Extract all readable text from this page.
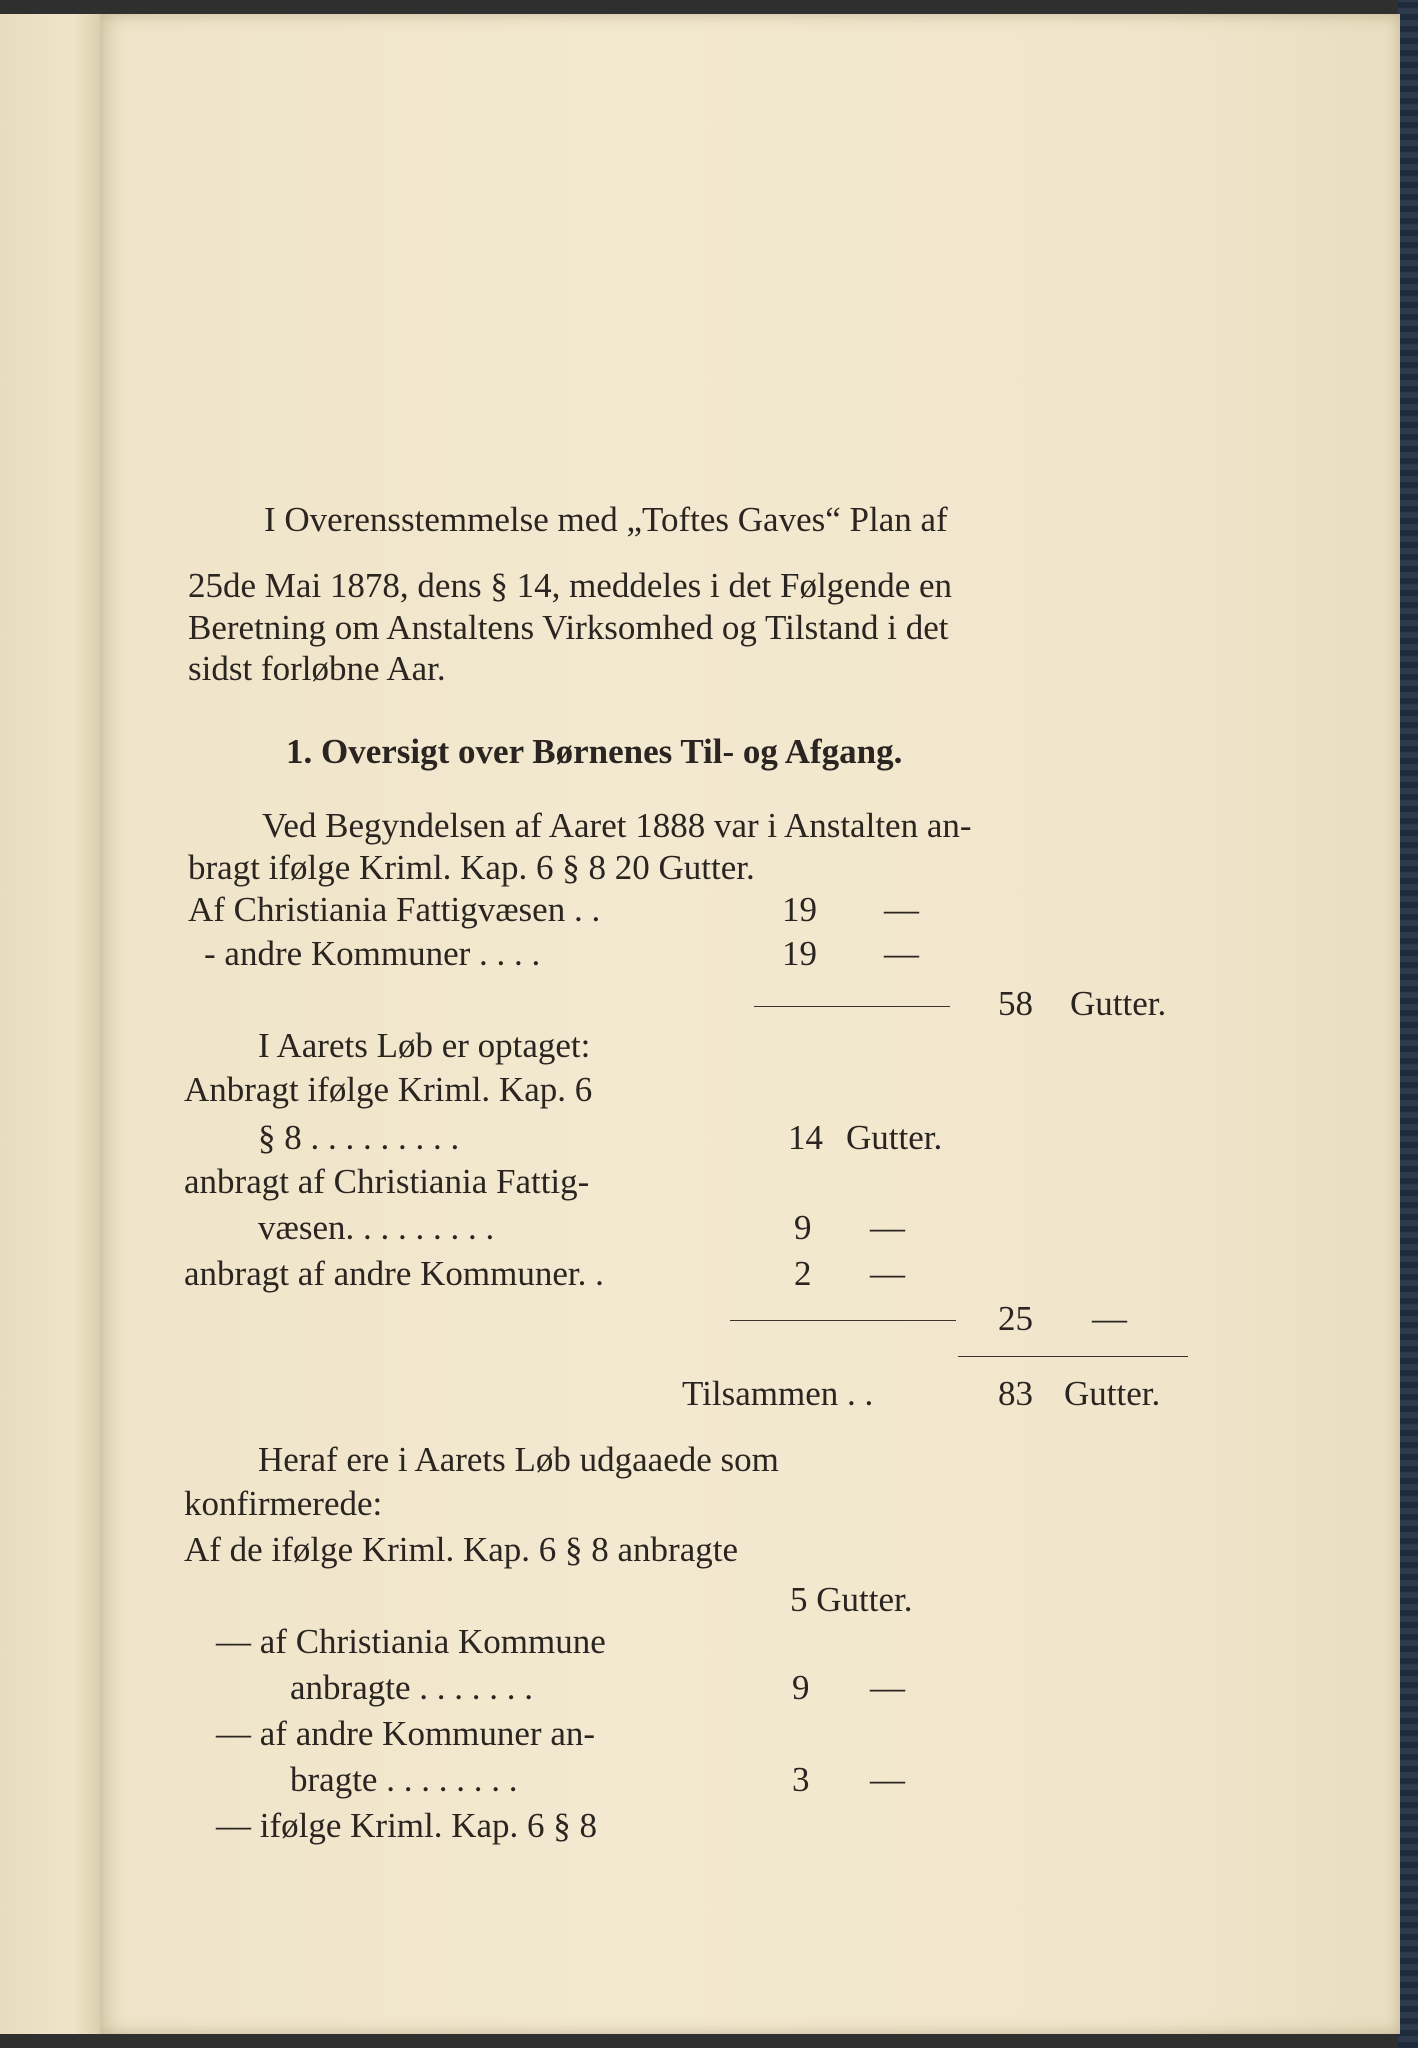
I Overensstemmelse med „Toftes Gaves“ Plan af
25de Mai 1878, dens § 14, meddeles i det Følgende en
Beretning om Anstaltens Virksomhed og Tilstand i det
sidst forløbne Aar.
1. Oversigt over Børnenes Til- og Afgang.
Ved Begyndelsen af Aaret 1888 var i Anstalten an-
bragt ifølge Kriml. Kap. 6 § 8 20 Gutter.
Af Christiania Fattigvæsen . .	19 —
- andre Kommuner . . . .	19 —
58 Gutter.
I Aarets Løb er optaget:
Anbragt ifølge Kriml. Kap. 6
§ 8 . . . . . . . . .	14 Gutter.
anbragt af Christiania Fattig-
væsen. . . . . . . . .	9 —
anbragt af andre Kommuner. .	2 —
25 —
Tilsammen . .	83 Gutter.
Heraf ere i Aarets Løb udgaaede som
konfirmerede:
Af de ifølge Kriml. Kap. 6 § 8 anbragte
5 Gutter.
— af Christiania Kommune
anbragte . . . . . . .	9 —
— af andre Kommuner an-
bragte . . . . . . . .	3 —
— ifølge Kriml. Kap. 6 § 8
